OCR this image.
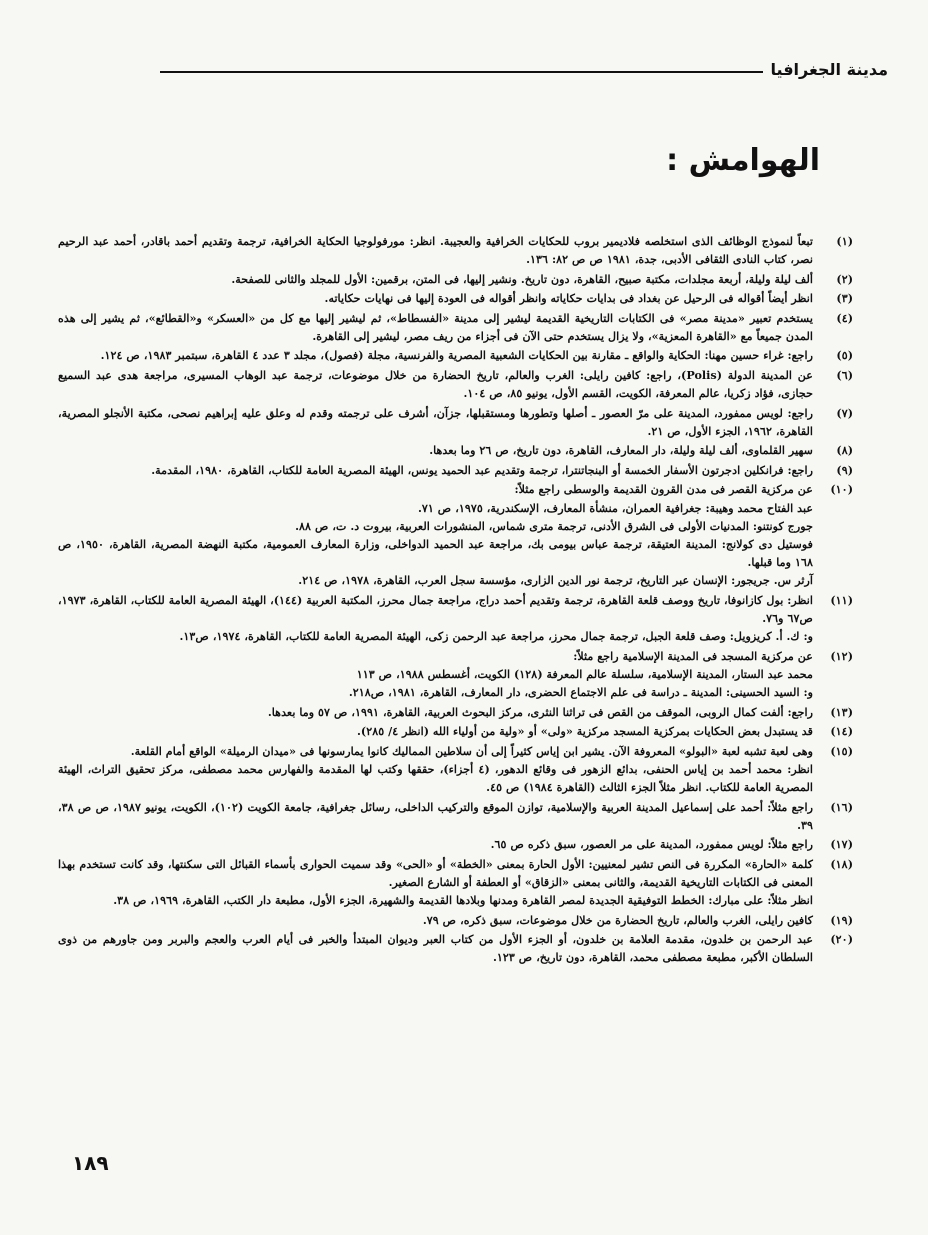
مدينة الجغرافيا
الهوامش :
(١)

تبعاً لنموذج الوظائف الذى استخلصه فلاديمير بروب للحكايات الخرافية والعجيبة. انظر: مورفولوجيا الحكاية الخرافية، ترجمة وتقديم أحمد باقادر، أحمد عبد الرحيم نصر، كتاب النادى الثقافى الأدبى، جدة، ١٩٨١ ص ص ٨٢: ١٣٦.

(٢)

ألف ليلة وليلة، أربعة مجلدات، مكتبة صبيح، القاهرة، دون تاريخ. ونشير إليها، فى المتن، برقمين: الأول للمجلد والثانى للصفحة.

(٣)

انظر أيضاً أقواله فى الرحيل عن بغداد فى بدايات حكاياته وانظر أقواله فى العودة إليها فى نهايات حكاياته.

(٤)

يستخدم تعبير «مدينة مصر» فى الكتابات التاريخية القديمة ليشير إلى مدينة «الفسطاط»، ثم ليشير إليها مع كل من «العسكر» و«القطائع»، ثم يشير إلى هذه المدن جميعاً مع «القاهرة المعزية»، ولا يزال يستخدم حتى الآن فى أجزاء من ريف مصر، ليشير إلى القاهرة.

(٥)

راجع: غراء حسين مهنا: الحكاية والواقع ـ مقارنة بين الحكايات الشعبية المصرية والفرنسية، مجلة (فصول)، مجلد ٣ عدد ٤ القاهرة، سبتمبر ١٩٨٣، ص ١٢٤.

(٦)

عن المدينة الدولة (Polis)، راجع: كافين رايلى: الغرب والعالم، تاريخ الحضارة من خلال موضوعات، ترجمة عبد الوهاب المسيرى، مراجعة هدى عبد السميع حجازى، فؤاد زكريا، عالم المعرفة، الكويت، القسم الأول، يونيو ٨٥، ص ١٠٤.

(٧)

راجع: لويس ممفورد، المدينة على مرّ العصور ـ أصلها وتطورها ومستقبلها، جزآن، أشرف على ترجمته وقدم له وعلق عليه إبراهيم نصحى، مكتبة الأنجلو المصرية، القاهرة، ١٩٦٢، الجزء الأول، ص ٢١.

(٨)

سهير القلماوى، ألف ليلة وليلة، دار المعارف، القاهرة، دون تاريخ، ص ٢٦ وما بعدها.

(٩)

راجع: فرانكلين ادجرتون الأسفار الخمسة أو البنجاتنترا، ترجمة وتقديم عبد الحميد يونس، الهيئة المصرية العامة للكتاب، القاهرة، ١٩٨٠، المقدمة.

(١٠)

عن مركزية القصر فى مدن القرون القديمة والوسطى راجع مثلاً:

عبد الفتاح محمد وهيبة: جغرافية العمران، منشأة المعارف، الإسكندرية، ١٩٧٥، ص ٧١.

جورج كونتنو: المدنيات الأولى فى الشرق الأدنى، ترجمة مترى شماس، المنشورات العربية، بيروت د. ت، ص ٨٨.

فوستيل دى كولانج: المدينة العتيقة، ترجمة عباس بيومى بك، مراجعة عبد الحميد الدواخلى، وزارة المعارف العمومية، مكتبة النهضة المصرية، القاهرة، ١٩٥٠، ص ١٦٨ وما قبلها.

آرثر س. جريجور: الإنسان عبر التاريخ، ترجمة نور الدين الزارى، مؤسسة سجل العرب، القاهرة، ١٩٧٨، ص ٢١٤.

(١١)

انظر: بول كازانوفا، تاريخ ووصف قلعة القاهرة، ترجمة وتقديم أحمد دراج، مراجعة جمال محرز، المكتبة العربية (١٤٤)، الهيئة المصرية العامة للكتاب، القاهرة، ١٩٧٣، ص٦٧ و٧٦.

و: ك. أ. كريزويل: وصف قلعة الجبل، ترجمة جمال محرز، مراجعة عبد الرحمن زكى، الهيئة المصرية العامة للكتاب، القاهرة، ١٩٧٤، ص١٣.

(١٢)

عن مركزية المسجد فى المدينة الإسلامية راجع مثلاً:

محمد عبد الستار، المدينة الإسلامية، سلسلة عالم المعرفة (١٢٨) الكويت، أغسطس ١٩٨٨، ص ١١٣

و: السيد الحسينى: المدينة ـ دراسة فى علم الاجتماع الحضرى، دار المعارف، القاهرة، ١٩٨١، ص٢١٨.

(١٣)

راجع: ألفت كمال الروبى، الموقف من القص فى تراثنا النثرى، مركز البحوث العربية، القاهرة، ١٩٩١، ص ٥٧ وما بعدها.

(١٤)

قد يستبدل بعض الحكايات بمركزية المسجد مركزية «ولى» أو «ولية من أولياء الله (انظر ٤/ ٢٨٥).

(١٥)

وهى لعبة تشبه لعبة «البولو» المعروفة الآن. يشير ابن إياس كثيراً إلى أن سلاطين المماليك كانوا يمارسونها فى «ميدان الرميلة» الواقع أمام القلعة.

انظر: محمد أحمد بن إياس الحنفى، بدائع الزهور فى وقائع الدهور، (٤ أجزاء)، حققها وكتب لها المقدمة والفهارس محمد مصطفى، مركز تحقيق التراث، الهيئة المصرية العامة للكتاب. انظر مثلاً الجزء الثالث (القاهرة ١٩٨٤) ص ٤٥.

(١٦)

راجع مثلاً: أحمد على إسماعيل المدينة العربية والإسلامية، توازن الموقع والتركيب الداخلى، رسائل جغرافية، جامعة الكويت (١٠٢)، الكويت، يونيو ١٩٨٧، ص ص ٣٨، ٣٩.

(١٧)

راجع مثلاً: لويس ممفورد، المدينة على مر العصور، سبق ذكره ص ٦٥.

(١٨)

كلمة «الحارة» المكررة فى النص تشير لمعنيين: الأول الحارة بمعنى «الخطة» أو «الحى» وقد سميت الحوارى بأسماء القبائل التى سكنتها، وقد كانت تستخدم بهذا المعنى فى الكتابات التاريخية القديمة، والثانى بمعنى «الزقاق» أو العطفة أو الشارع الصغير.

انظر مثلاً: على مبارك: الخطط التوفيقية الجديدة لمصر القاهرة ومدنها وبلادها القديمة والشهيرة، الجزء الأول، مطبعة دار الكتب، القاهرة، ١٩٦٩، ص ٣٨.

(١٩)

كافين رايلى، الغرب والعالم، تاريخ الحضارة من خلال موضوعات، سبق ذكره، ص ٧٩.

(٢٠)

عبد الرحمن بن خلدون، مقدمة العلامة بن خلدون، أو الجزء الأول من كتاب العبر وديوان المبتدأ والخبر فى أيام العرب والعجم والبربر ومن جاورهم من ذوى السلطان الأكبر، مطبعة مصطفى محمد، القاهرة، دون تاريخ، ص ١٢٣.

١٨٩
